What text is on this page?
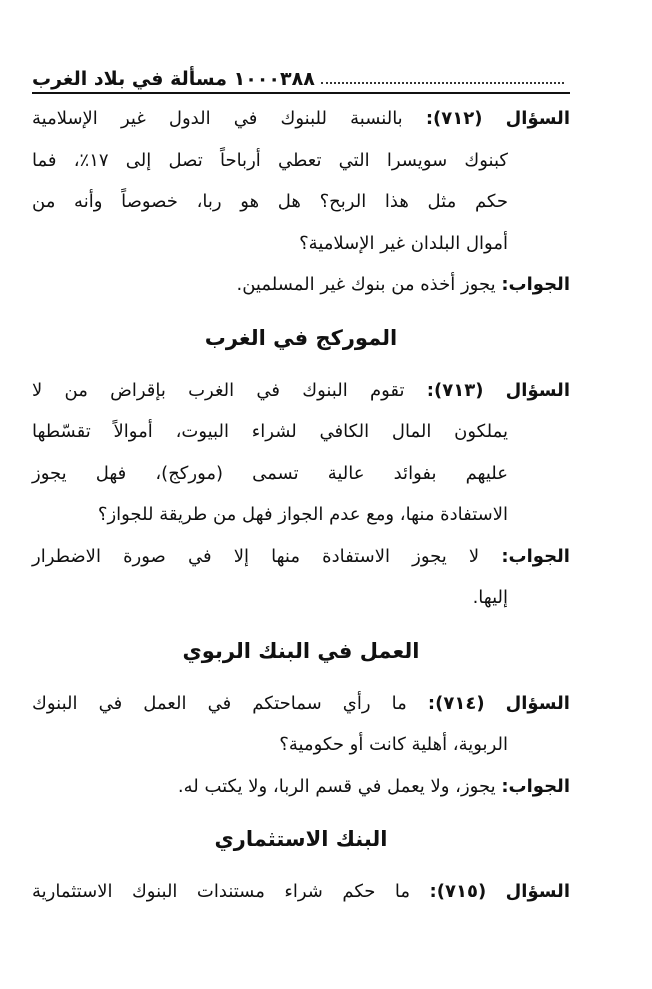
١٠٠٠ مسألة في بلاد الغرب ٣٨٨
السؤال (٧١٢): بالنسبة للبنوك في الدول غير الإسلامية
كبنوك سويسرا التي تعطي أرباحاً تصل إلى ١٧٪، فما
حكم مثل هذا الربح؟ هل هو ربا، خصوصاً وأنه من
أموال البلدان غير الإسلامية؟
الجواب: يجوز أخذه من بنوك غير المسلمين.
المورکج في الغرب
السؤال (٧١٣): تقوم البنوك في الغرب بإقراض من لا
يملكون المال الكافي لشراء البيوت، أموالاً تقسّطها
عليهم بفوائد عالية تسمى (موركج)، فهل يجوز
الاستفادة منها، ومع عدم الجواز فهل من طريقة للجواز؟
الجواب: لا يجوز الاستفادة منها إلا في صورة الاضطرار
إليها.
العمل في البنك الربوي
السؤال (٧١٤): ما رأي سماحتكم في العمل في البنوك
الربوية، أهلية كانت أو حكومية؟
الجواب: يجوز، ولا يعمل في قسم الربا، ولا يكتب له.
البنك الاستثماري
السؤال (٧١٥): ما حكم شراء مستندات البنوك الاستثمارية
